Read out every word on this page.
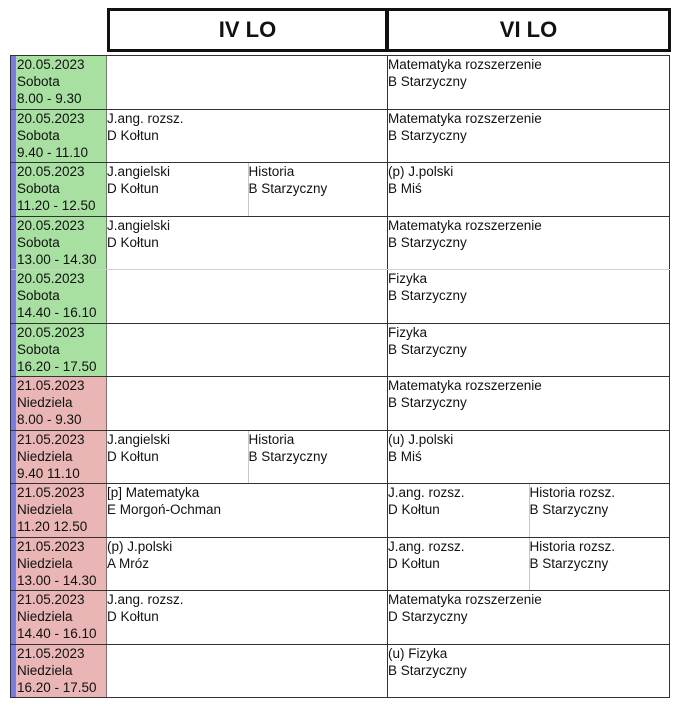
IV LO	VI LO
20.05.2023
Sobota
8.00 - 9.30
Matematyka rozszerzenie
B Starzyczny
20.05.2023
Sobota
9.40 - 11.10
J.ang. rozsz.
D Kołtun
Matematyka rozszerzenie
B Starzyczny
20.05.2023
Sobota
11.20 - 12.50
J.angielski
D Kołtun
Historia
B Starzyczny
(p) J.polski
B Miś
20.05.2023
Sobota
13.00 - 14.30
J.angielski
D Kołtun
Matematyka rozszerzenie
B Starzyczny
20.05.2023
Sobota
14.40 - 16.10
Fizyka
B Starzyczny
20.05.2023
Sobota
16.20 - 17.50
Fizyka
B Starzyczny
21.05.2023
Niedziela
8.00 - 9.30
Matematyka rozszerzenie
B Starzyczny
21.05.2023
Niedziela
9.40 11.10
J.angielski
D Kołtun
Historia
B Starzyczny
(u) J.polski
B Miś
21.05.2023
Niedziela
11.20 12.50
[p] Matematyka
E Morgoń-Ochman
J.ang. rozsz.
D Kołtun
Historia rozsz.
B Starzyczny
21.05.2023
Niedziela
13.00 - 14.30
(p) J.polski
A Mróz
J.ang. rozsz.
D Kołtun
Historia rozsz.
B Starzyczny
21.05.2023
Niedziela
14.40 - 16.10
J.ang. rozsz.
D Kołtun
Matematyka rozszerzenie
D Starzyczny
21.05.2023
Niedziela
16.20 - 17.50
(u) Fizyka
B Starzyczny
